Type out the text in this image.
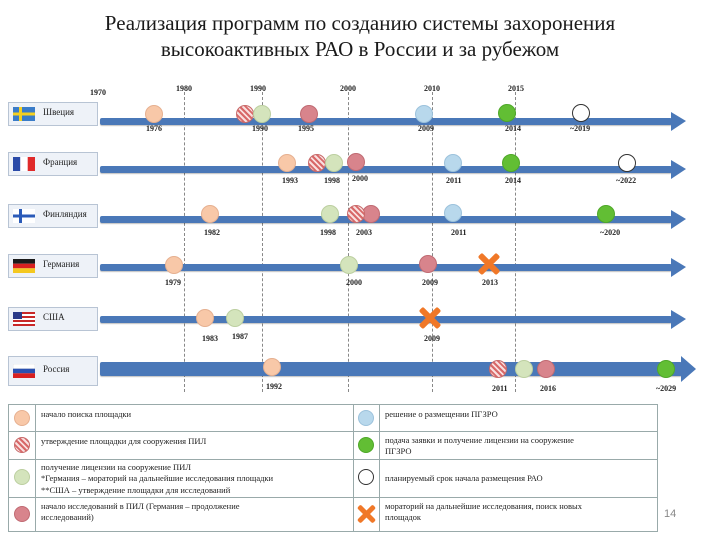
Реализация программ по созданию системы захоронения
высокоактивных РАО в России и за рубежом
1970	1980	1990	2000	2010	2015
Швеция
1976	1990	1995	2009	2014	~2019
Франция
1993	1998 2000	2011	2014	~2022
Финляндия
1982	1998	2003	2011	~2020
Германия
1979	2000	2009	2013
США
1983 1987	2009
Россия
1992	2011	2016	~2029
начало поиска площадки
утверждение площадки для сооружения ПИЛ
получение лицензии на сооружение ПИЛ
*Германия – мораторий на дальнейшие исследования площадки
**США – утверждение площадки для исследований
начало исследований в ПИЛ (Германия – продолжение
исследований)
решение о размещении ПГЗРО
подача заявки и получение лицензии на сооружение
ПГЗРО
планируемый срок начала размещения РАО
мораторий на дальнейшие исследования, поиск новых
площадок	14
